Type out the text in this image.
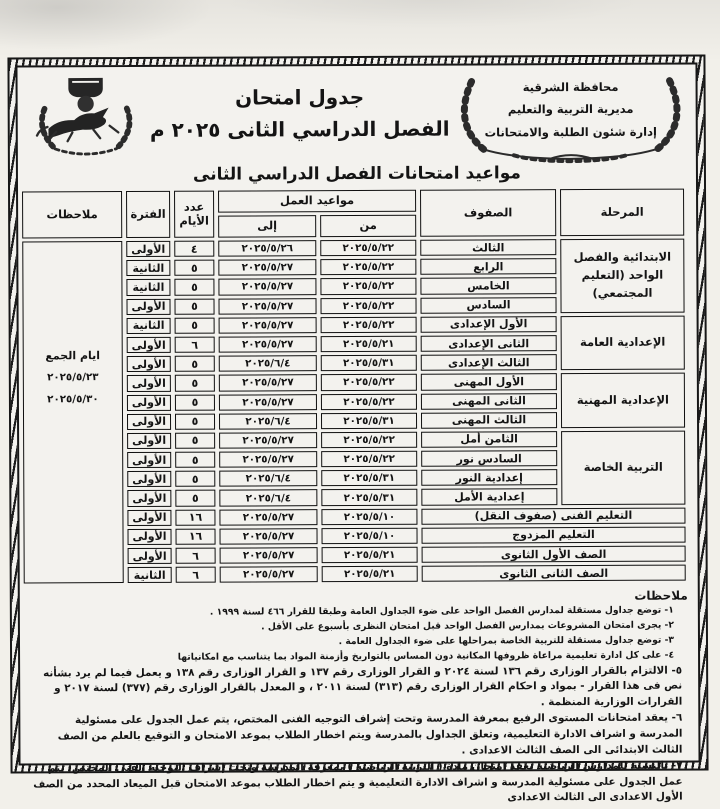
محافظة الشرقية
مديرية التربية والتعليم
إدارة شئون الطلبة والامتحانات
جدول امتحان
الفصل الدراسي الثانى ٢٠٢٥ م
مواعيد امتحانات الفصل الدراسي الثانى
المرحلة	الصفوف	مواعيد العمل		عدد الأيام	الفترة	ملاحظات
		من	إلى			
الابتدائية والفصل الواحد (التعليم المجتمعي)	الثالث	٢٠٢٥/٥/٢٢	٢٠٢٥/٥/٢٦	٤	الأولى	ايام الجمع
٢٠٢٥/٥/٢٣
٢٠٢٥/٥/٣٠

	الرابع	٢٠٢٥/٥/٢٢	٢٠٢٥/٥/٢٧	٥	الثانية	
	الخامس	٢٠٢٥/٥/٢٢	٢٠٢٥/٥/٢٧	٥	الثانية	
	السادس	٢٠٢٥/٥/٢٢	٢٠٢٥/٥/٢٧	٥	الأولى	
الإعدادية العامة	الأول الإعدادى	٢٠٢٥/٥/٢٢	٢٠٢٥/٥/٢٧	٥	الثانية	
	الثانى الإعدادى	٢٠٢٥/٥/٢١	٢٠٢٥/٥/٢٧	٦	الأولى	
	الثالث الإعدادى	٢٠٢٥/٥/٣١	٢٠٢٥/٦/٤	٥	الأولى	
الإعدادية المهنية	الأول المهنى	٢٠٢٥/٥/٢٢	٢٠٢٥/٥/٢٧	٥	الأولى	
	الثانى المهنى	٢٠٢٥/٥/٢٢	٢٠٢٥/٥/٢٧	٥	الأولى	
	الثالث المهنى	٢٠٢٥/٥/٣١	٢٠٢٥/٦/٤	٥	الأولى	
التربية الخاصة	الثامن أمل	٢٠٢٥/٥/٢٢	٢٠٢٥/٥/٢٧	٥	الأولى	
	السادس نور	٢٠٢٥/٥/٢٢	٢٠٢٥/٥/٢٧	٥	الأولى	
	إعدادية النور	٢٠٢٥/٥/٣١	٢٠٢٥/٦/٤	٥	الأولى	
	إعدادية الأمل	٢٠٢٥/٥/٣١	٢٠٢٥/٦/٤	٥	الأولى	
التعليم الفنى (صفوف النقل)		٢٠٢٥/٥/١٠	٢٠٢٥/٥/٢٧	١٦	الأولى	
التعليم المزدوج		٢٠٢٥/٥/١٠	٢٠٢٥/٥/٢٧	١٦	الأولى	
الصف الأول الثانوى		٢٠٢٥/٥/٢١	٢٠٢٥/٥/٢٧	٦	الأولى	
الصف الثانى الثانوى		٢٠٢٥/٥/٢١	٢٠٢٥/٥/٢٧	٦	الثانية	

ملاحظات

١- توضع جداول مستقلة لمدارس الفصل الواحد على ضوء الجداول العامة وطبقا للقرار ٤٦٦ لسنة ١٩٩٩ .

٢- يجرى امتحان المشروعات بمدارس الفصل الواحد قبل امتحان النظرى بأسبوع على الأقل .

٣- توضع جداول مستقلة للتربية الخاصة بمراحلها على ضوء الجداول العامة .

٤- على كل ادارة تعليمية مراعاة ظروفها المكانية دون المساس بالتواريخ وأزمنة المواد بما يتناسب مع امكانياتها

٥- الالتزام بالقرار الوزارى رقم ١٣٦ لسنة ٢٠٢٤ و القرار الوزارى رقم ١٣٧ و القرار الوزارى رقم ١٣٨ و يعمل فيما لم يرد بشأنه نص فى هذا القرار - بمواد و احكام القرار الوزارى رقم (٣١٣) لسنة ٢٠١١ ، و المعدل بالقرار الوزارى رقم (٣٧٧) لسنة ٢٠١٧ و القرارات الوزارية المنظمة .

٦- يعقد امتحانات المستوى الرفيع بمعرفة المدرسة وتحت إشراف التوجيه الفنى المختص، يتم عمل الجدول على مسئولية المدرسة و اشراف الادارة التعليمية، وتعلق الجداول بالمدرسة ويتم اخطار الطلاب بموعد الامتحان و التوقيع بالعلم من الصف الثالث الابتدائى الى الصف الثالث الاعدادى .

٧- بالنسبة للمدارس الرياضية يعقد امتحان مادة ( التربية الرياضية ) بمعرفة المدرسة وتحت إشراف التوجيه الفنى المختص، يتم عمل الجدول على مسئولية المدرسة و اشراف الادارة التعليمية و يتم اخطار الطلاب بموعد الامتحان قبل الميعاد المحدد من الصف الأول الاعدادى الى الثالث الاعدادى
